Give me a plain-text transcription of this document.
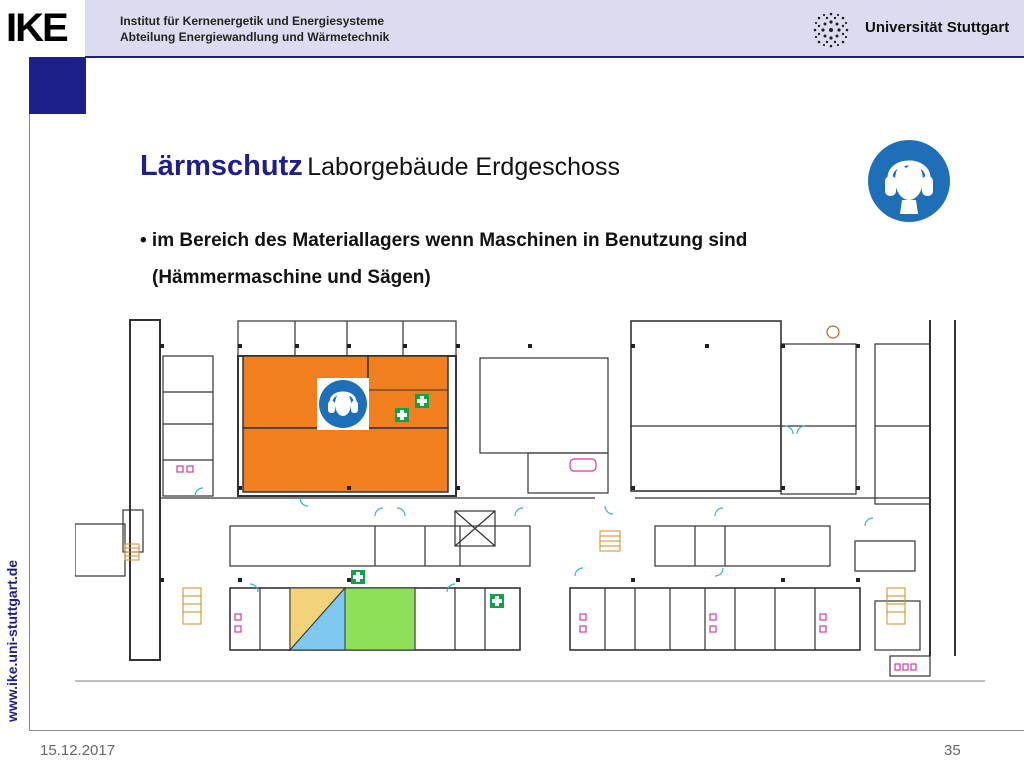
IKE	Institut für Kernenergetik und Energiesysteme
Abteilung Energiewandlung und Wärmetechnik
Universität Stuttgart
www.ike.uni-stuttgart.de
Lärmschutz Laborgebäude Erdgeschoss
• im Bereich des Materiallagers wenn Maschinen in Benutzung sind
(Hämmermaschine und Sägen)
15.12.2017	35
